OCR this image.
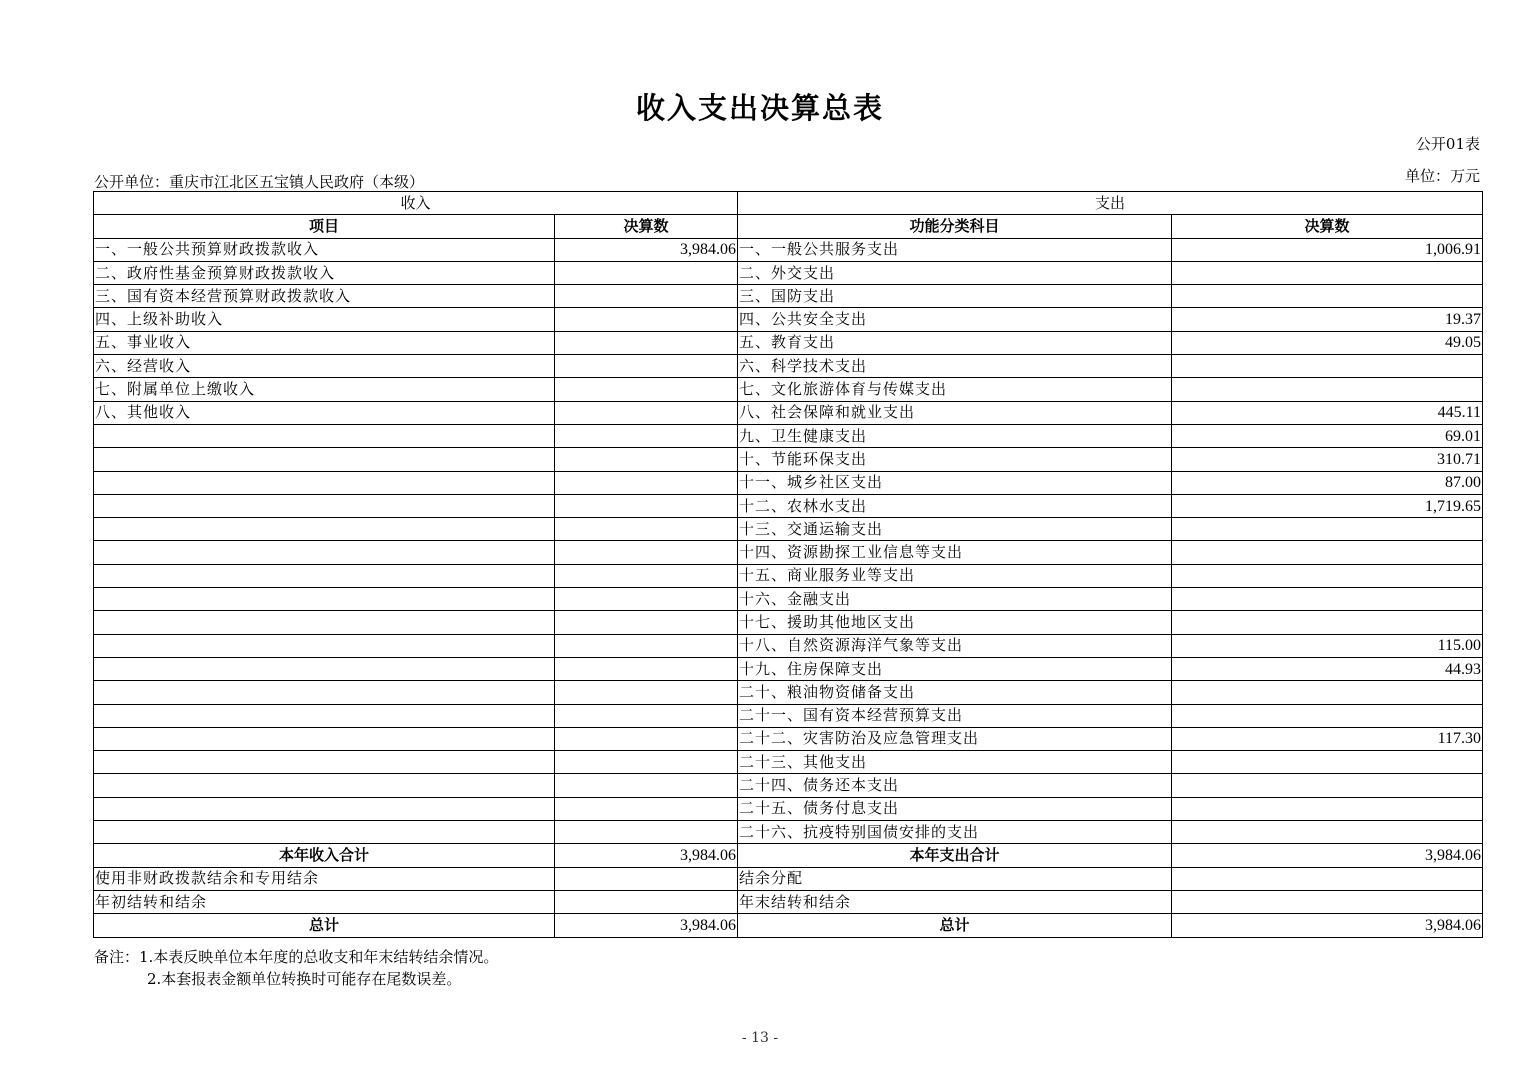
收入支出决算总表
公开01表
单位：万元
公开单位：重庆市江北区五宝镇人民政府（本级）
收入		支出	
项目	决算数	功能分类科目	决算数
一、一般公共预算财政拨款收入	3,984.06	一、一般公共服务支出	1,006.91
二、政府性基金预算财政拨款收入		二、外交支出	
三、国有资本经营预算财政拨款收入		三、国防支出	
四、上级补助收入		四、公共安全支出	19.37
五、事业收入		五、教育支出	49.05
六、经营收入		六、科学技术支出	
七、附属单位上缴收入		七、文化旅游体育与传媒支出	
八、其他收入		八、社会保障和就业支出	445.11
		九、卫生健康支出	69.01
		十、节能环保支出	310.71
		十一、城乡社区支出	87.00
		十二、农林水支出	1,719.65
		十三、交通运输支出	
		十四、资源勘探工业信息等支出	
		十五、商业服务业等支出	
		十六、金融支出	
		十七、援助其他地区支出	
		十八、自然资源海洋气象等支出	115.00
		十九、住房保障支出	44.93
		二十、粮油物资储备支出	
		二十一、国有资本经营预算支出	
		二十二、灾害防治及应急管理支出	117.30
		二十三、其他支出	
		二十四、债务还本支出	
		二十五、债务付息支出	
		二十六、抗疫特别国债安排的支出	
本年收入合计	3,984.06	本年支出合计	3,984.06
使用非财政拨款结余和专用结余		结余分配	
年初结转和结余		年末结转和结余	
总计	3,984.06	总计	3,984.06
备注：1.本表反映单位本年度的总收支和年末结转结余情况。
2.本套报表金额单位转换时可能存在尾数误差。
- 13 -
